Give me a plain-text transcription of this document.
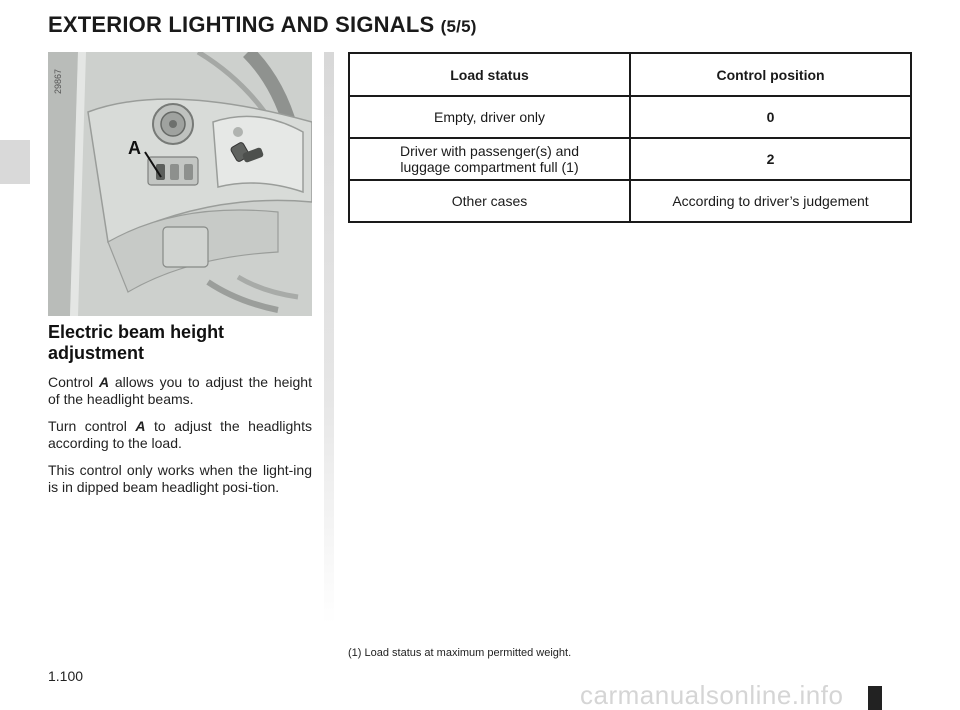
EXTERIOR LIGHTING AND SIGNALS (5/5)
A
29867
Electric beam height adjustment

Control A allows you to adjust the height of the headlight beams.

Turn control A to adjust the headlights according to the load.

This control only works when the light-ing is in dipped beam headlight posi-tion.

Load status	Control position
Empty, driver only	0
Driver with passenger(s) and
luggage compartment full (1)	2
Other cases	According to driver’s judgement
(1) Load status at maximum permitted weight.
1.100
carmanualsonline.info
